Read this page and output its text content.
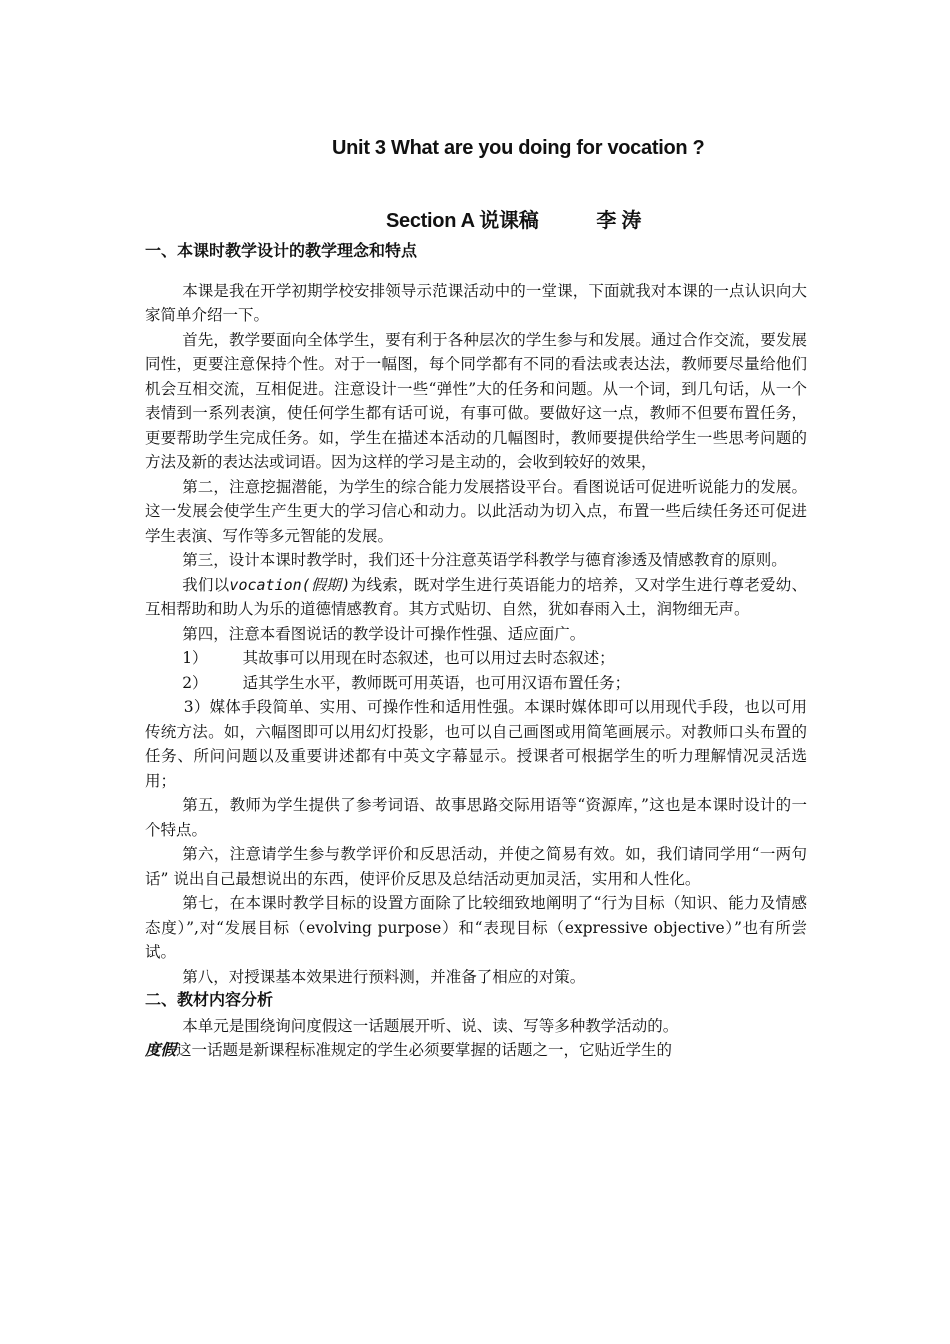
Unit 3 What are you doing for vocation ?
Section A 说课稿	李 涛

一、本课时教学设计的教学理念和特点

本课是我在开学初期学校安排领导示范课活动中的一堂课，下面就我对本课的一点认识向大家简单介绍一下。

首先，教学要面向全体学生，要有利于各种层次的学生参与和发展。通过合作交流，要发展同性，更要注意保持个性。对于一幅图，每个同学都有不同的看法或表达法，教师要尽量给他们机会互相交流，互相促进。注意设计一些“弹性”大的任务和问题。从一个词，到几句话，从一个表情到一系列表演，使任何学生都有话可说，有事可做。要做好这一点，教师不但要布置任务，更要帮助学生完成任务。如，学生在描述本活动的几幅图时，教师要提供给学生一些思考问题的方法及新的表达法或词语。因为这样的学习是主动的，会收到较好的效果，

第二，注意挖掘潜能，为学生的综合能力发展搭设平台。看图说话可促进听说能力的发展。这一发展会使学生产生更大的学习信心和动力。以此活动为切入点，布置一些后续任务还可促进学生表演、写作等多元智能的发展。

第三，设计本课时教学时，我们还十分注意英语学科教学与德育渗透及情感教育的原则。

我们以vocation(假期)为线索，既对学生进行英语能力的培养，又对学生进行尊老爱幼、互相帮助和助人为乐的道德情感教育。其方式贴切、自然，犹如春雨入土，润物细无声。

第四，注意本看图说话的教学设计可操作性强、适应面广。

1） 其故事可以用现在时态叙述，也可以用过去时态叙述；

2） 适其学生水平，教师既可用英语，也可用汉语布置任务；

3）媒体手段简单、实用、可操作性和适用性强。本课时媒体即可以用现代手段，也以可用传统方法。如，六幅图即可以用幻灯投影，也可以自己画图或用简笔画展示。对教师口头布置的任务、所问问题以及重要讲述都有中英文字幕显示。授课者可根据学生的听力理解情况灵活选用；

第五，教师为学生提供了参考词语、故事思路交际用语等“资源库，”这也是本课时设计的一个特点。

第六，注意请学生参与教学评价和反思活动，并使之简易有效。如，我们请同学用“一两句话” 说出自己最想说出的东西，使评价反思及总结活动更加灵活，实用和人性化。

第七，在本课时教学目标的设置方面除了比较细致地阐明了“行为目标（知识、能力及情感态度）”,对“发展目标（evolving purpose）和“表现目标（expressive objective）”也有所尝试。

第八，对授课基本效果进行预料测，并准备了相应的对策。

二、教材内容分析

本单元是围绕询问度假这一话题展开听、说、读、写等多种教学活动的。

度假这一话题是新课程标准规定的学生必须要掌握的话题之一，它贴近学生的
